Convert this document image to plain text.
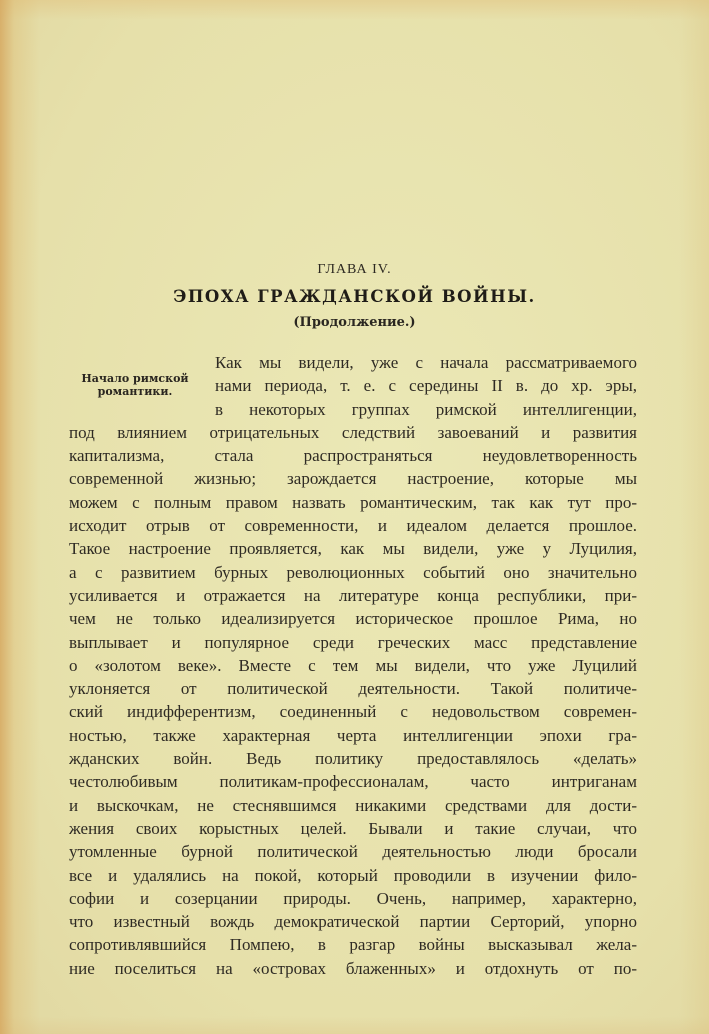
ГЛАВА IV.
ЭПОХА ГРАЖДАНСКОЙ ВОЙНЫ.
(Продолжение.)
Начало римской
романтики.
Как мы видели, уже с начала рассматриваемого
нами периода, т. е. с середины II в. до хр. эры,
в некоторых группах римской интеллигенции,
под влиянием отрицательных следствий завоеваний и развития
капитализма, стала распространяться неудовлетворенность
современной жизнью; зарождается настроение, которые мы
можем с полным правом назвать романтическим, так как тут про-
исходит отрыв от современности, и идеалом делается прошлое.
Такое настроение проявляется, как мы видели, уже у Луцилия,
а с развитием бурных революционных событий оно значительно
усиливается и отражается на литературе конца республики, при-
чем не только идеализируется историческое прошлое Рима, но
выплывает и популярное среди греческих масс представление
о «золотом веке». Вместе с тем мы видели, что уже Луцилий
уклоняется от политической деятельности. Такой политиче-
ский индифферентизм, соединенный с недовольством современ-
ностью, также характерная черта интеллигенции эпохи гра-
жданских войн. Ведь политику предоставлялось «делать»
честолюбивым политикам-профессионалам, часто интриганам
и выскочкам, не стеснявшимся никакими средствами для дости-
жения своих корыстных целей. Бывали и такие случаи, что
утомленные бурной политической деятельностью люди бросали
все и удалялись на покой, который проводили в изучении фило-
софии и созерцании природы. Очень, например, характерно,
что известный вождь демократической партии Серторий, упорно
сопротивлявшийся Помпею, в разгар войны высказывал жела-
ние поселиться на «островах блаженных» и отдохнуть от по-
